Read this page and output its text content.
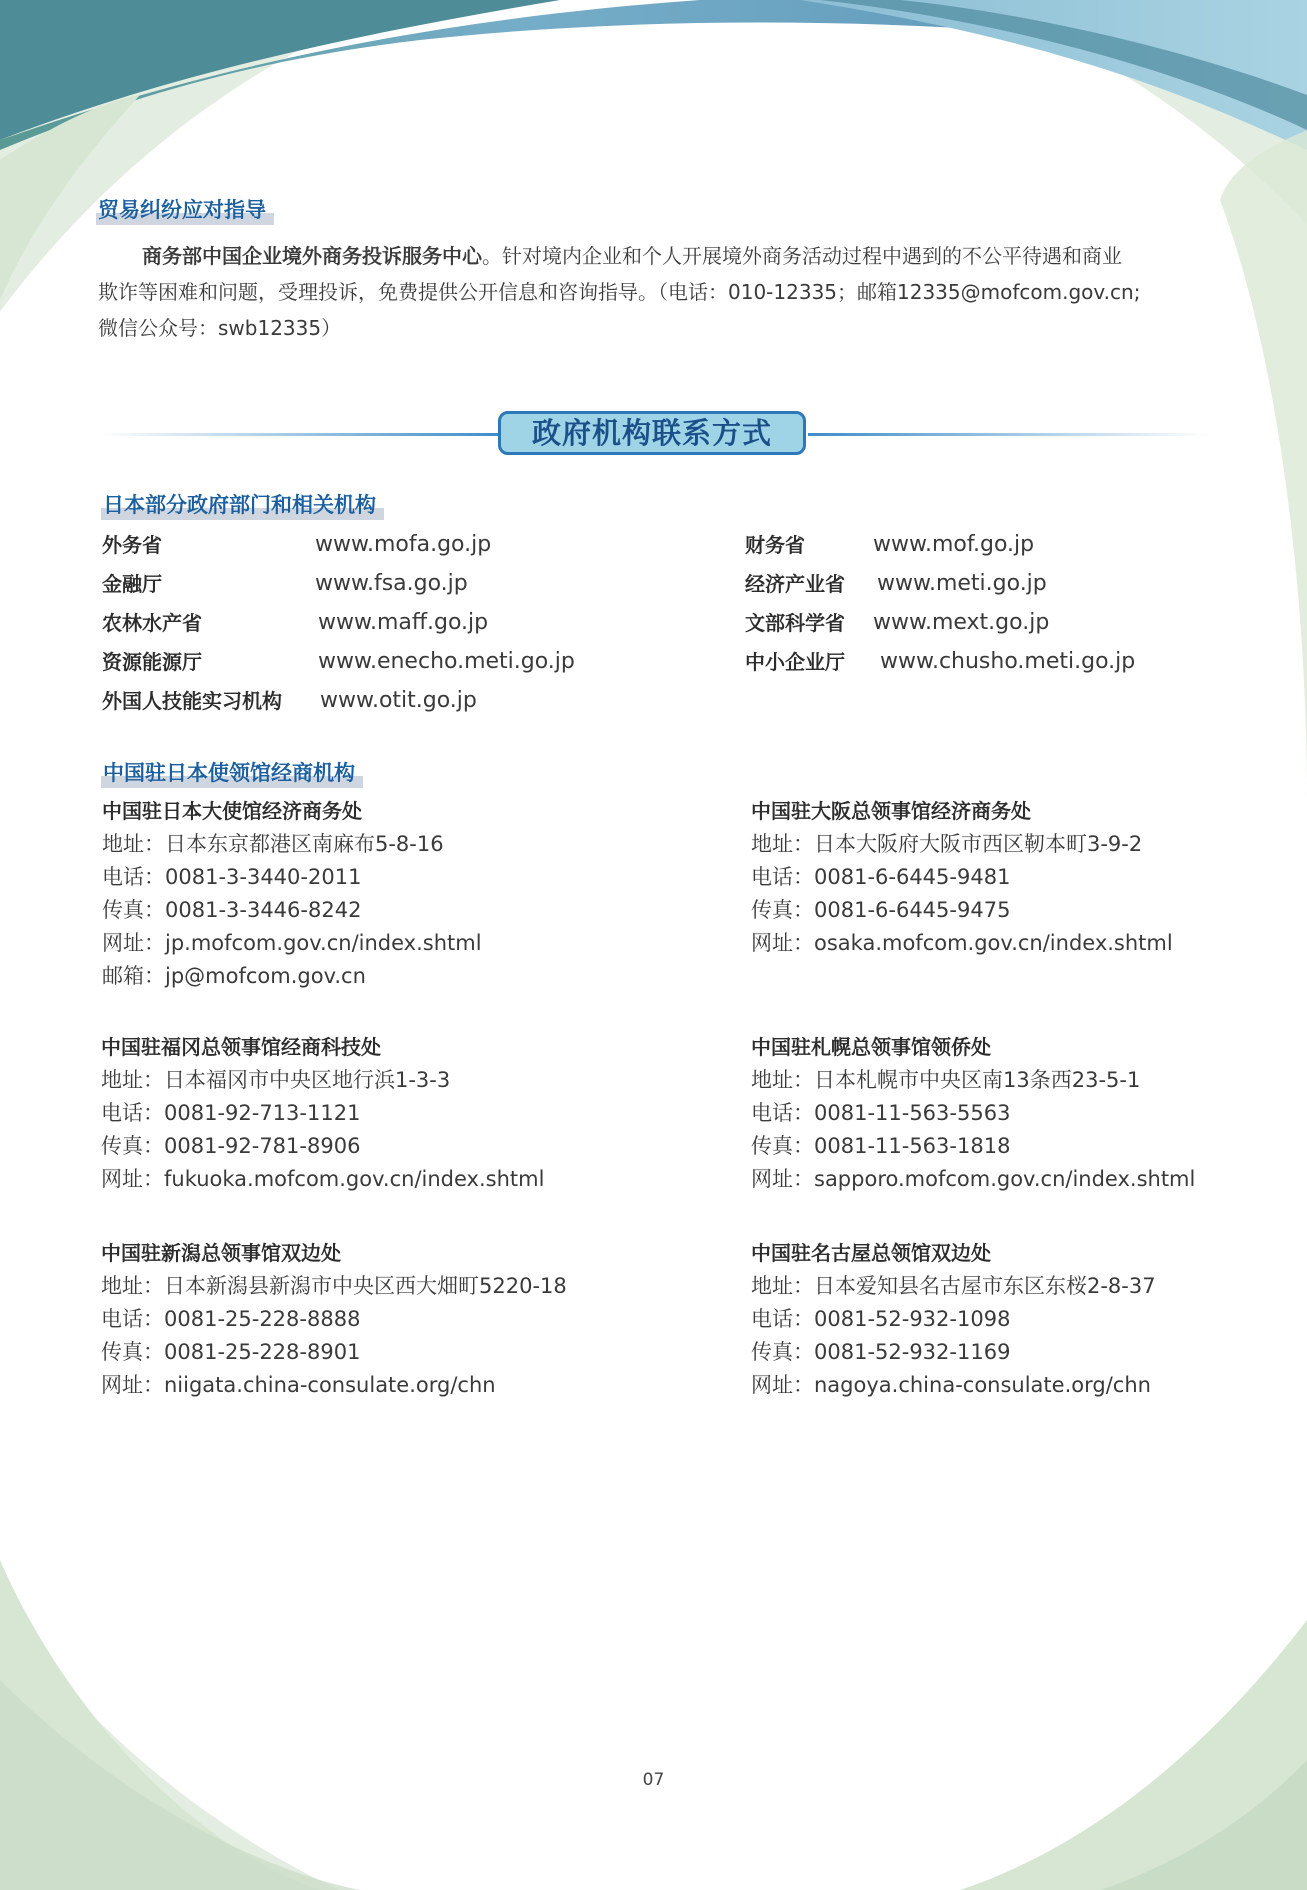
贸易纠纷应对指导
商务部中国企业境外商务投诉服务中心。针对境内企业和个人开展境外商务活动过程中遇到的不公平待遇和商业
欺诈等困难和问题，受理投诉，免费提供公开信息和咨询指导。（电话：010-12335；邮箱12335@mofcom.gov.cn;
微信公众号：swb12335）
政府机构联系方式
日本部分政府部门和相关机构
外务省	www.mofa.go.jp
金融厅	www.fsa.go.jp
农林水产省	www.maff.go.jp
资源能源厅	www.enecho.meti.go.jp
外国人技能实习机构 www.otit.go.jp
财务省	www.mof.go.jp
经济产业省 www.meti.go.jp
文部科学省 www.mext.go.jp
中小企业厅 www.chusho.meti.go.jp
中国驻日本使领馆经商机构
中国驻日本大使馆经济商务处
地址：日本东京都港区南麻布5-8-16
电话：0081-3-3440-2011
传真：0081-3-3446-8242
网址：jp.mofcom.gov.cn/index.shtml
邮箱：jp@mofcom.gov.cn
中国驻大阪总领事馆经济商务处
地址：日本大阪府大阪市西区靭本町3-9-2
电话：0081-6-6445-9481
传真：0081-6-6445-9475
网址：osaka.mofcom.gov.cn/index.shtml
中国驻福冈总领事馆经商科技处
地址：日本福冈市中央区地行浜1-3-3
电话：0081-92-713-1121
传真：0081-92-781-8906
网址：fukuoka.mofcom.gov.cn/index.shtml
中国驻札幌总领事馆领侨处
地址：日本札幌市中央区南13条西23-5-1
电话：0081-11-563-5563
传真：0081-11-563-1818
网址：sapporo.mofcom.gov.cn/index.shtml
中国驻新潟总领事馆双边处
地址：日本新潟县新潟市中央区西大畑町5220-18
电话：0081-25-228-8888
传真：0081-25-228-8901
网址：niigata.china-consulate.org/chn
中国驻名古屋总领馆双边处
地址：日本爱知县名古屋市东区东桜2-8-37
电话：0081-52-932-1098
传真：0081-52-932-1169
网址：nagoya.china-consulate.org/chn
07
